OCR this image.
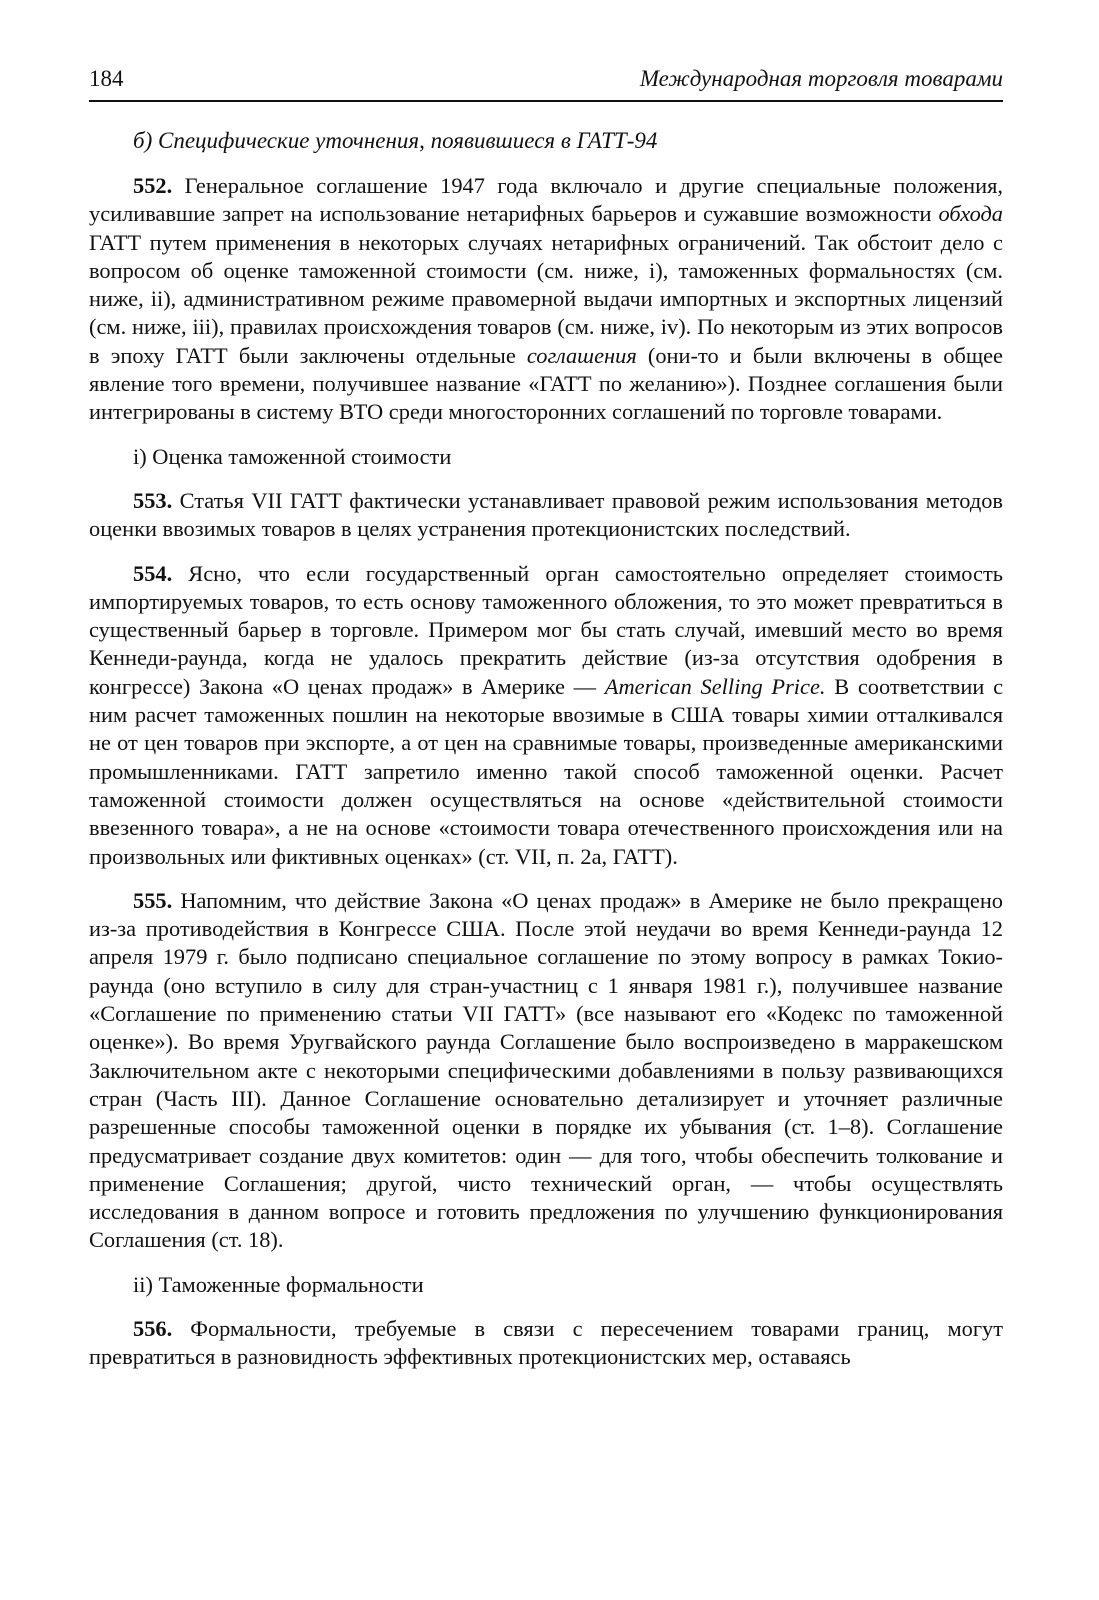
184	Международная торговля товарами
б) Специфические уточнения, появившиеся в ГАТТ-94

552. Генеральное соглашение 1947 года включало и другие специальные положения, усиливавшие запрет на использование нетарифных барьеров и сужавшие возможности обхода ГАТТ путем применения в некоторых случаях нетарифных ограничений. Так обстоит дело с вопросом об оценке таможенной стоимости (см. ниже, i), таможенных формальностях (см. ниже, ii), административном режиме правомерной выдачи импортных и экспортных лицензий (см. ниже, iii), правилах происхождения товаров (см. ниже, iv). По некоторым из этих вопросов в эпоху ГАТТ были заключены отдельные соглашения (они-то и были включены в общее явление того времени, получившее название «ГАТТ по желанию»). Позднее соглашения были интегрированы в систему ВТО среди многосторонних соглашений по торговле товарами.

i) Оценка таможенной стоимости

553. Статья VII ГАТТ фактически устанавливает правовой режим использования методов оценки ввозимых товаров в целях устранения протекционистских последствий.

554. Ясно, что если государственный орган самостоятельно определяет стоимость импортируемых товаров, то есть основу таможенного обложения, то это может превратиться в существенный барьер в торговле. Примером мог бы стать случай, имевший место во время Кеннеди-раунда, когда не удалось прекратить действие (из-за отсутствия одобрения в конгрессе) Закона «О ценах продаж» в Америке — American Selling Price. В соответствии с ним расчет таможенных пошлин на некоторые ввозимые в США товары химии отталкивался не от цен товаров при экспорте, а от цен на сравнимые товары, произведенные американскими промышленниками. ГАТТ запретило именно такой способ таможенной оценки. Расчет таможенной стоимости должен осуществляться на основе «действительной стоимости ввезенного товара», а не на основе «стоимости товара отечественного происхождения или на произвольных или фиктивных оценках» (ст. VII, п. 2а, ГАТТ).

555. Напомним, что действие Закона «О ценах продаж» в Америке не было прекращено из-за противодействия в Конгрессе США. После этой неудачи во время Кеннеди-раунда 12 апреля 1979 г. было подписано специальное соглашение по этому вопросу в рамках Токио-раунда (оно вступило в силу для стран-участниц с 1 января 1981 г.), получившее название «Соглашение по применению статьи VII ГАТТ» (все называют его «Кодекс по таможенной оценке»). Во время Уругвайского раунда Соглашение было воспроизведено в марракешском Заключительном акте с некоторыми специфическими добавлениями в пользу развивающихся стран (Часть III). Данное Соглашение основательно детализирует и уточняет различные разрешенные способы таможенной оценки в порядке их убывания (ст. 1–8). Соглашение предусматривает создание двух комитетов: один — для того, чтобы обеспечить толкование и применение Соглашения; другой, чисто технический орган, — чтобы осуществлять исследования в данном вопросе и готовить предложения по улучшению функционирования Соглашения (ст. 18).

ii) Таможенные формальности

556. Формальности, требуемые в связи с пересечением товарами границ, могут превратиться в разновидность эффективных протекционистских мер, оставаясь
